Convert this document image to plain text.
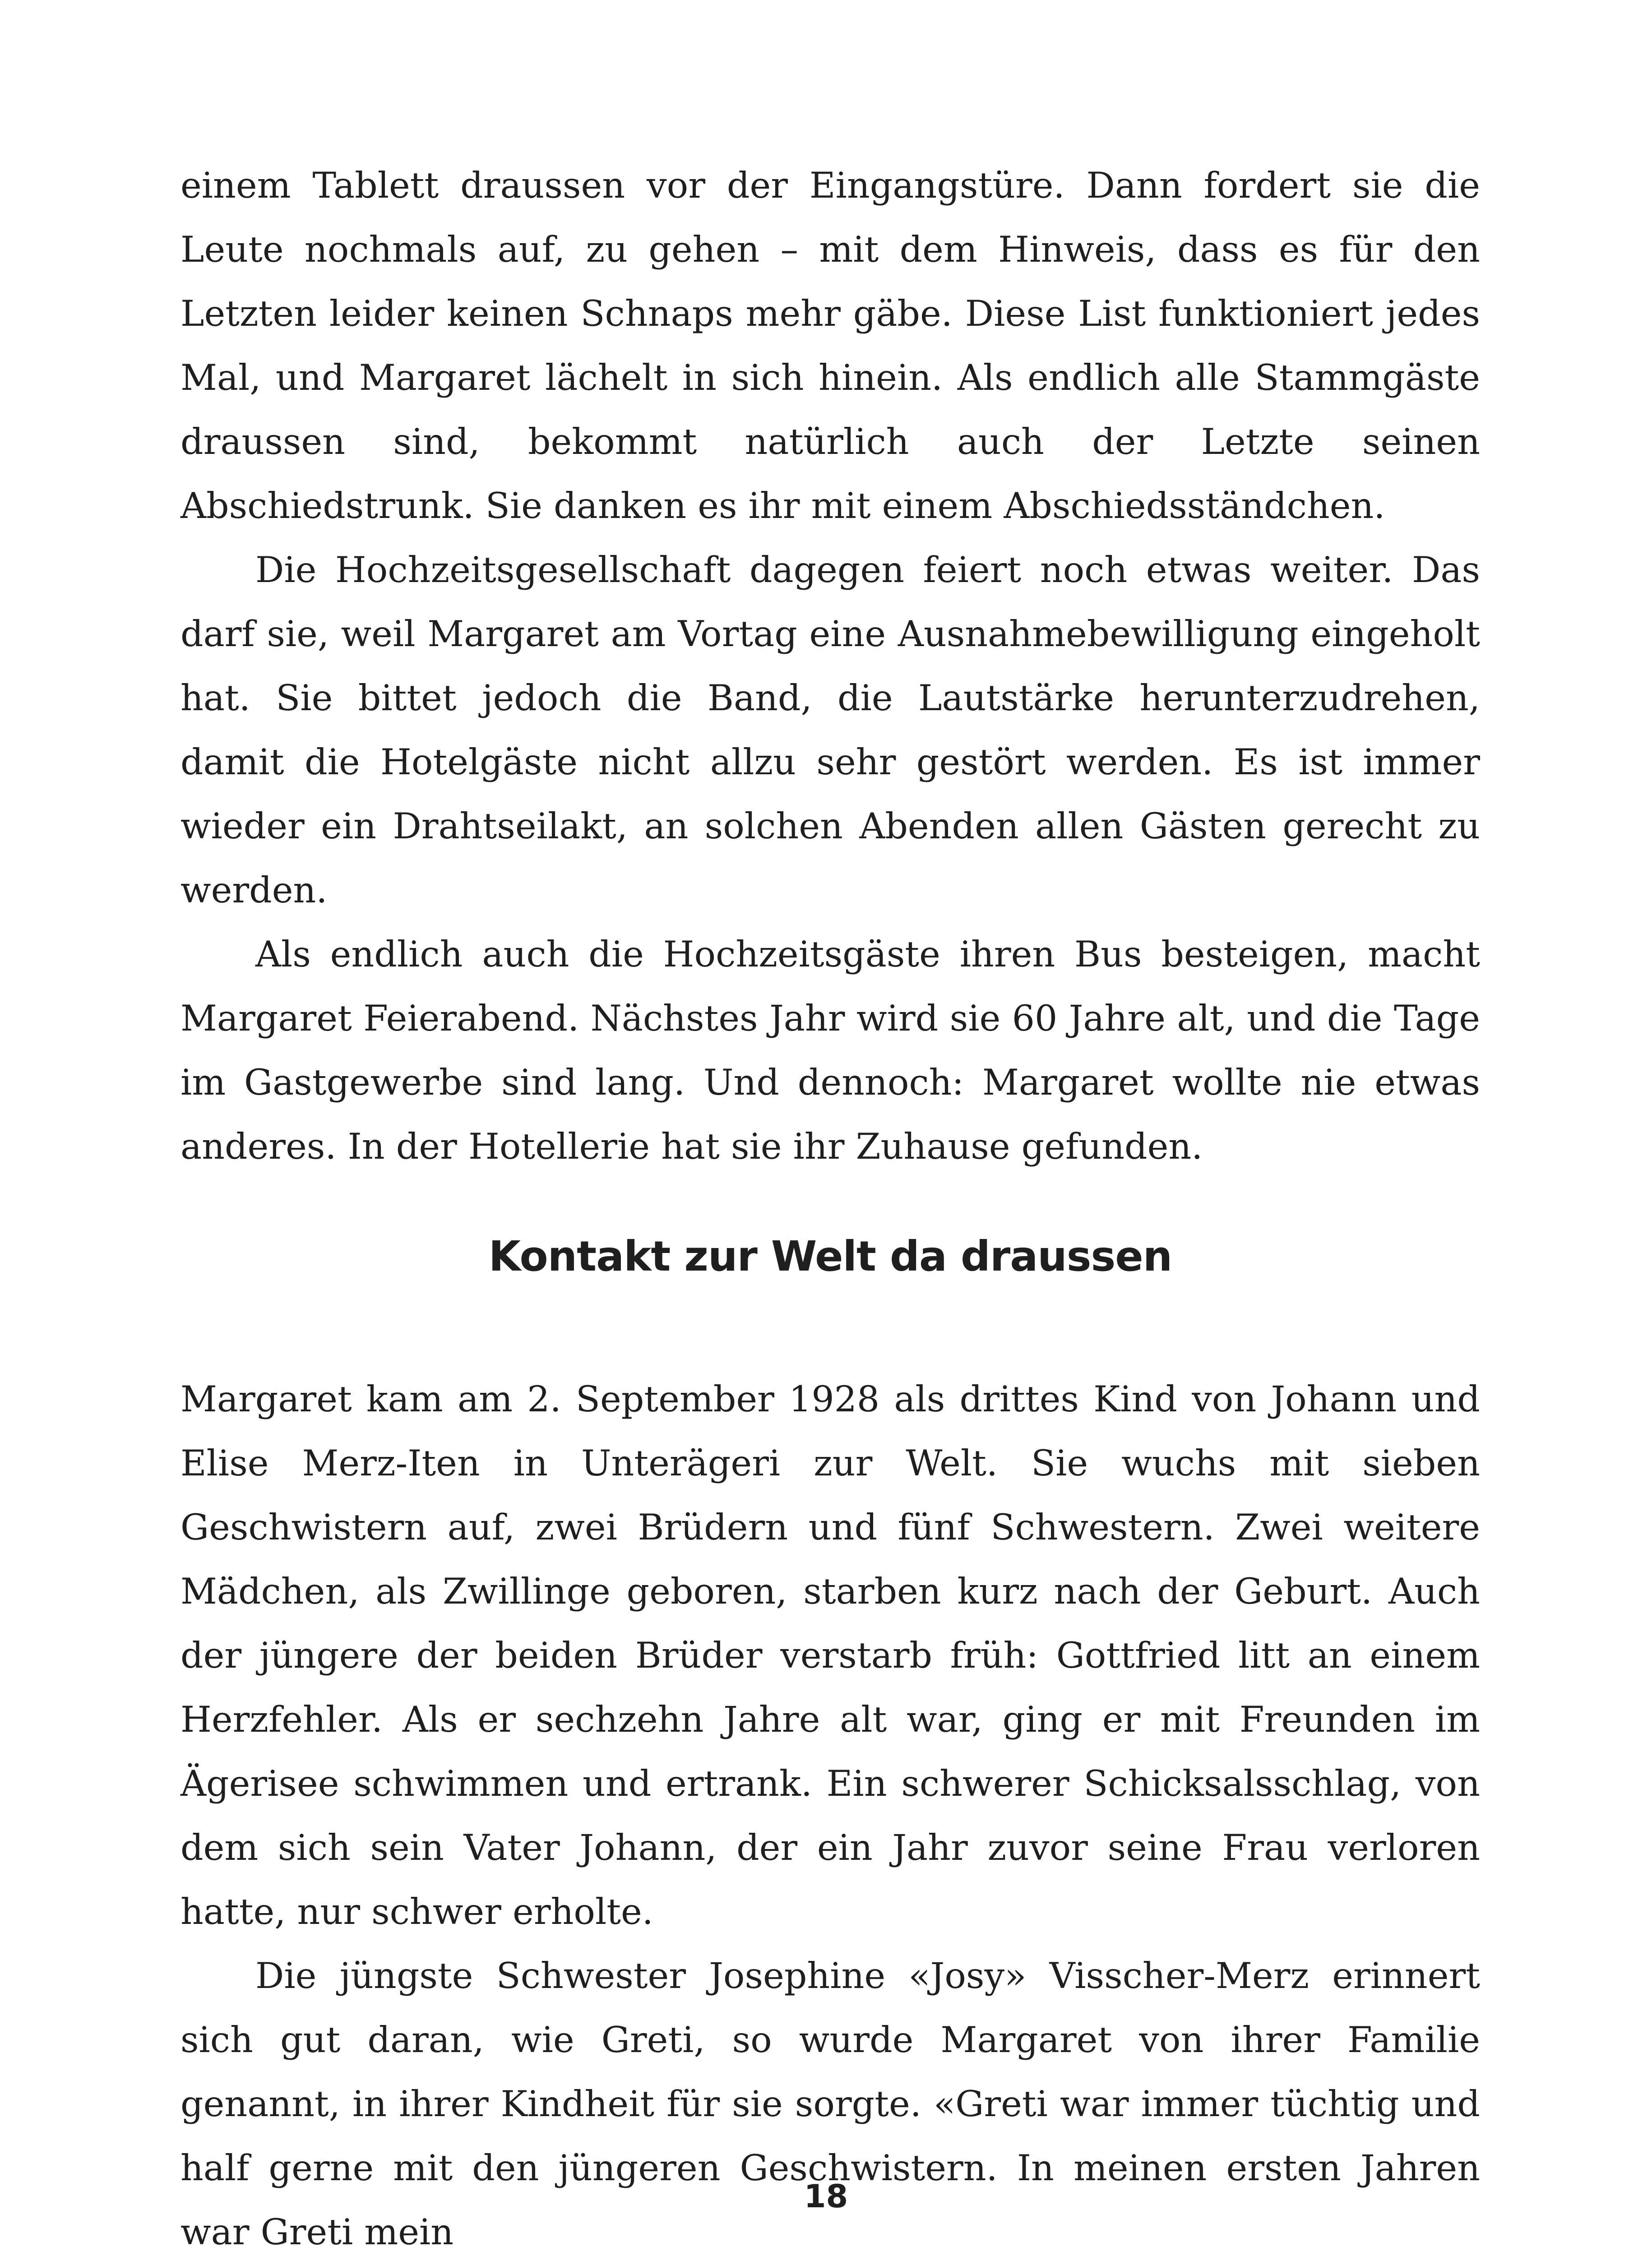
einem Tablett draussen vor der Eingangstüre. Dann fordert sie die Leute nochmals auf, zu gehen – mit dem Hinweis, dass es für den Letzten leider keinen Schnaps mehr gäbe. Diese List funktioniert jedes Mal, und Margaret lächelt in sich hinein. Als endlich alle Stammgäste draussen sind, bekommt natürlich auch der Letzte seinen Abschiedstrunk. Sie danken es ihr mit einem Abschiedsständchen.

Die Hochzeitsgesellschaft dagegen feiert noch etwas weiter. Das darf sie, weil Margaret am Vortag eine Ausnahmebewilligung eingeholt hat. Sie bittet jedoch die Band, die Lautstärke herunterzudrehen, damit die Hotelgäste nicht allzu sehr gestört werden. Es ist immer wieder ein Drahtseilakt, an solchen Abenden allen Gästen gerecht zu werden.

Als endlich auch die Hochzeitsgäste ihren Bus besteigen, macht Margaret Feierabend. Nächstes Jahr wird sie 60 Jahre alt, und die Tage im Gastgewerbe sind lang. Und dennoch: Margaret wollte nie etwas anderes. In der Hotellerie hat sie ihr Zuhause gefunden.

Kontakt zur Welt da draussen

Margaret kam am 2. September 1928 als drittes Kind von Johann und Elise Merz-Iten in Unterägeri zur Welt. Sie wuchs mit sieben Geschwistern auf, zwei Brüdern und fünf Schwestern. Zwei weitere Mädchen, als Zwillinge geboren, starben kurz nach der Geburt. Auch der jüngere der beiden Brüder verstarb früh: Gottfried litt an einem Herzfehler. Als er sechzehn Jahre alt war, ging er mit Freunden im Ägerisee schwimmen und ertrank. Ein schwerer Schicksalsschlag, von dem sich sein Vater Johann, der ein Jahr zuvor seine Frau verloren hatte, nur schwer erholte.

Die jüngste Schwester Josephine «Josy» Visscher-Merz erinnert sich gut daran, wie Greti, so wurde Margaret von ihrer Familie genannt, in ihrer Kindheit für sie sorgte. «Greti war immer tüchtig und half gerne mit den jüngeren Geschwistern. In meinen ersten Jahren war Greti mein

18
